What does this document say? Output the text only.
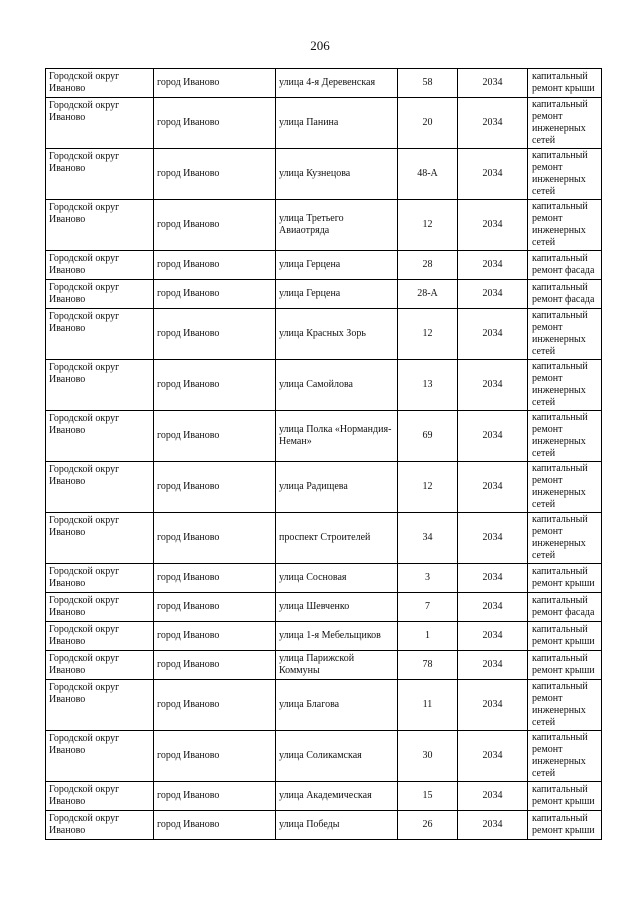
206
Городской округ Иваново	город Иваново	улица 4-я Деревенская	58	2034	капитальный ремонт крыши
Городской округ Иваново	город Иваново	улица Панина	20	2034	капитальный ремонт инженерных сетей
Городской округ Иваново	город Иваново	улица Кузнецова	48-А	2034	капитальный ремонт инженерных сетей
Городской округ Иваново	город Иваново	улица Третьего Авиаотряда	12	2034	капитальный ремонт инженерных сетей
Городской округ Иваново	город Иваново	улица Герцена	28	2034	капитальный ремонт фасада
Городской округ Иваново	город Иваново	улица Герцена	28-А	2034	капитальный ремонт фасада
Городской округ Иваново	город Иваново	улица Красных Зорь	12	2034	капитальный ремонт инженерных сетей
Городской округ Иваново	город Иваново	улица Самойлова	13	2034	капитальный ремонт инженерных сетей
Городской округ Иваново	город Иваново	улица Полка «Нормандия-Неман»	69	2034	капитальный ремонт инженерных сетей
Городской округ Иваново	город Иваново	улица Радищева	12	2034	капитальный ремонт инженерных сетей
Городской округ Иваново	город Иваново	проспект Строителей	34	2034	капитальный ремонт инженерных сетей
Городской округ Иваново	город Иваново	улица Сосновая	3	2034	капитальный ремонт крыши
Городской округ Иваново	город Иваново	улица Шевченко	7	2034	капитальный ремонт фасада
Городской округ Иваново	город Иваново	улица 1-я Мебельщиков	1	2034	капитальный ремонт крыши
Городской округ Иваново	город Иваново	улица Парижской Коммуны	78	2034	капитальный ремонт крыши
Городской округ Иваново	город Иваново	улица Благова	11	2034	капитальный ремонт инженерных сетей
Городской округ Иваново	город Иваново	улица Соликамская	30	2034	капитальный ремонт инженерных сетей
Городской округ Иваново	город Иваново	улица Академическая	15	2034	капитальный ремонт крыши
Городской округ Иваново	город Иваново	улица Победы	26	2034	капитальный ремонт крыши
